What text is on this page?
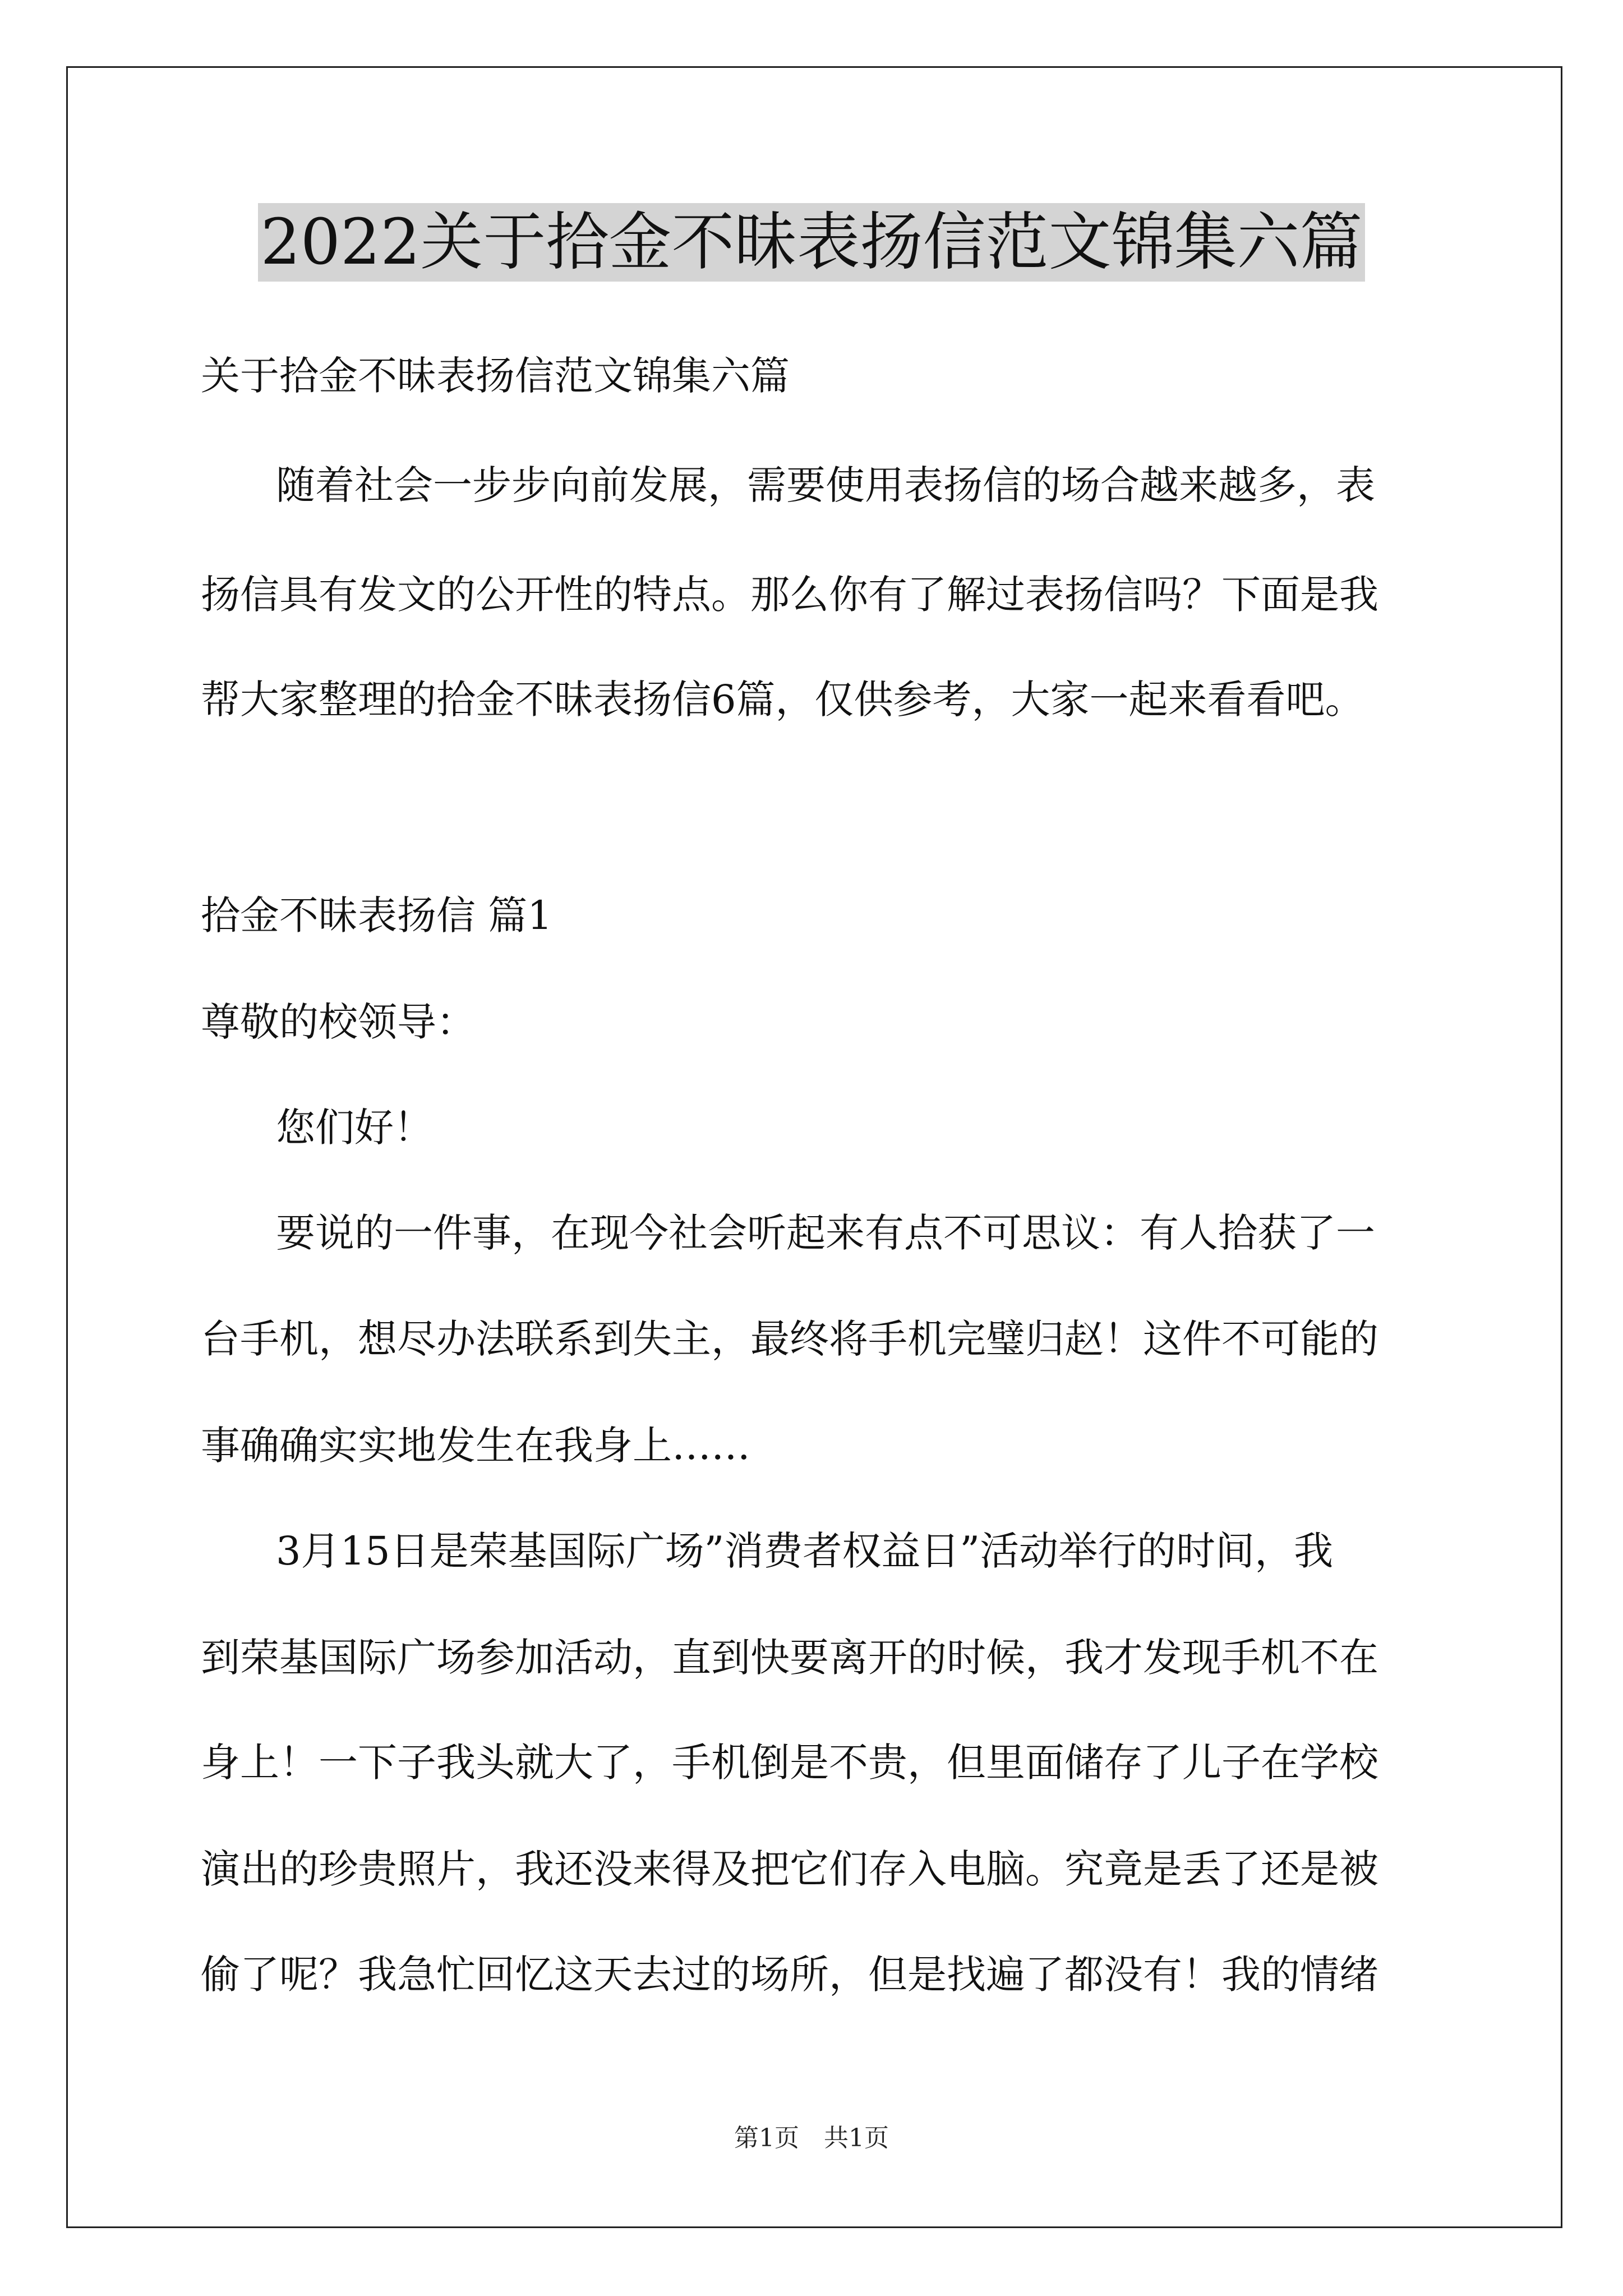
2022关于拾金不昧表扬信范文锦集六篇
关于拾金不昧表扬信范文锦集六篇
随着社会一步步向前发展，需要使用表扬信的场合越来越多，表
扬信具有发文的公开性的特点。那么你有了解过表扬信吗？下面是我
帮大家整理的拾金不昧表扬信6篇，仅供参考，大家一起来看看吧。
拾金不昧表扬信 篇1
尊敬的校领导：
您们好！
要说的一件事，在现今社会听起来有点不可思议：有人拾获了一
台手机，想尽办法联系到失主，最终将手机完璧归赵！这件不可能的
事确确实实地发生在我身上……
3月15日是荣基国际广场”消费者权益日”活动举行的时间，我
到荣基国际广场参加活动，直到快要离开的时候，我才发现手机不在
身上！一下子我头就大了，手机倒是不贵，但里面储存了儿子在学校
演出的珍贵照片，我还没来得及把它们存入电脑。究竟是丢了还是被
偷了呢？我急忙回忆这天去过的场所，但是找遍了都没有！我的情绪
第1页　共1页
